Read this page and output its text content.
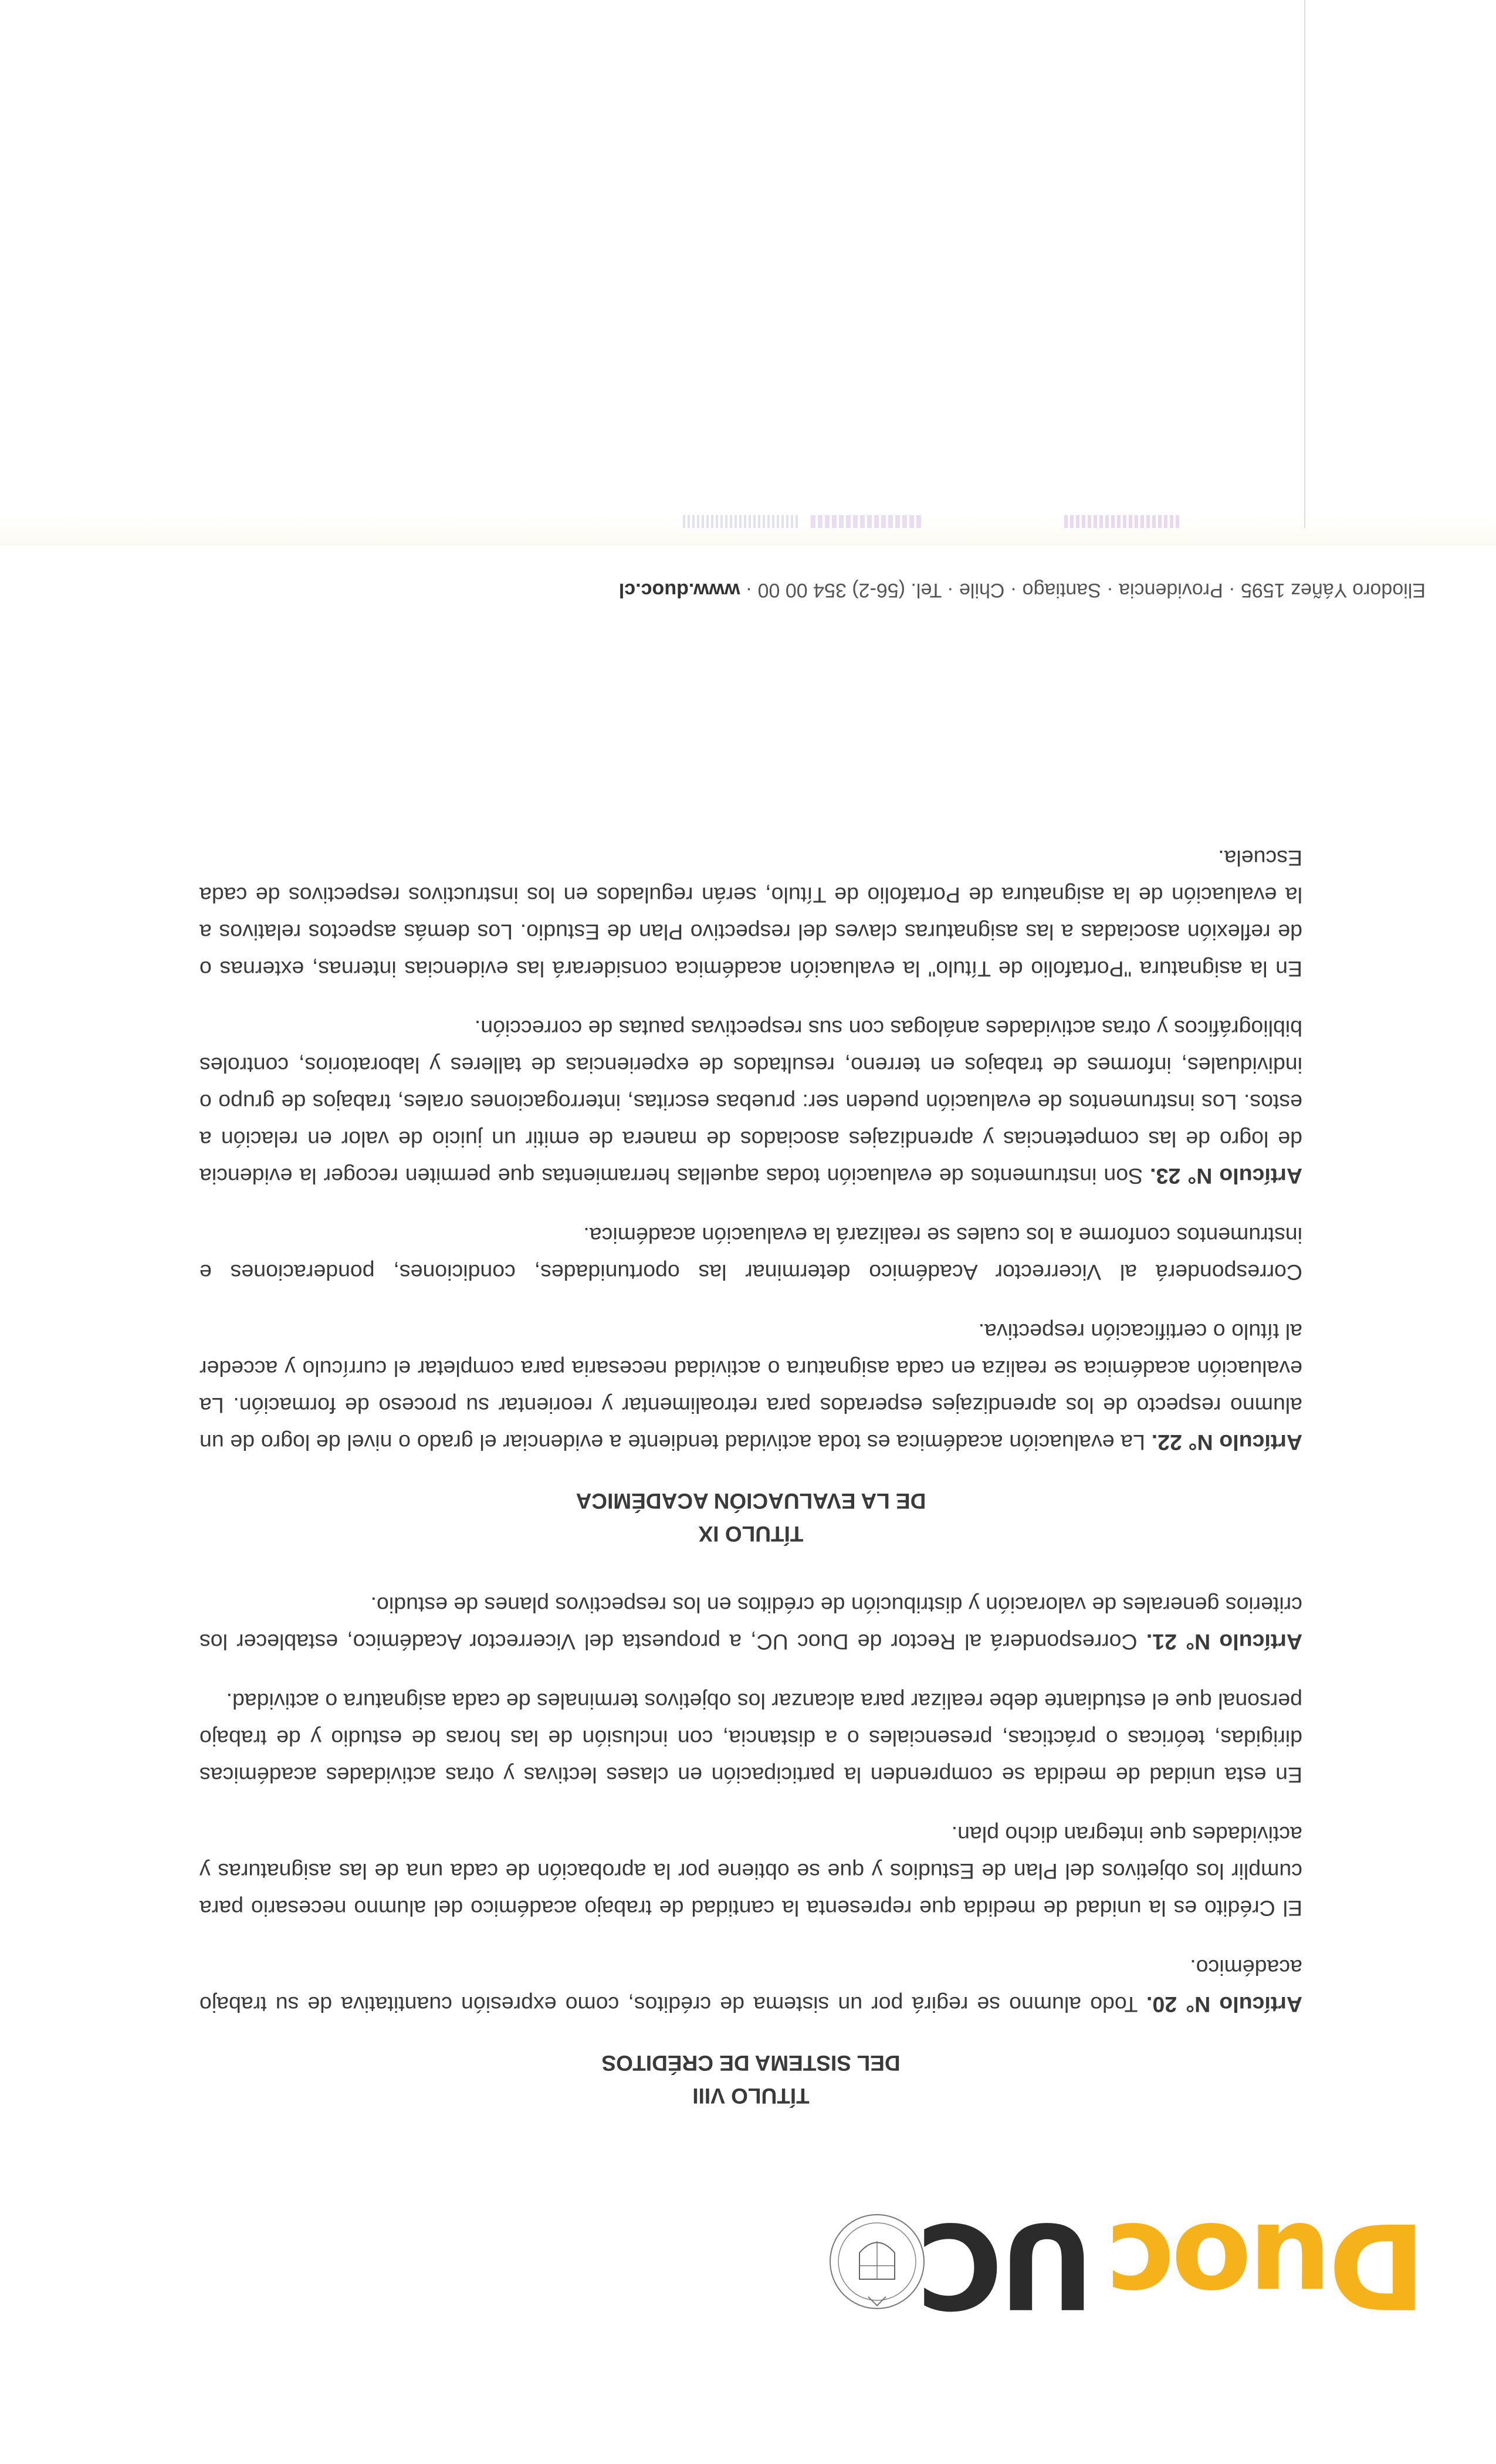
DuocUC
TÍTULO VIII
DEL SISTEMA DE CRÉDITOS

Artículo N° 20. Todo alumno se regirá por un sistema de créditos, como expresión cuantitativa de su trabajo académico.

El Crédito es la unidad de medida que representa la cantidad de trabajo académico del alumno necesario para cumplir los objetivos del Plan de Estudios y que se obtiene por la aprobación de cada una de las asignaturas y actividades que integran dicho plan.

En esta unidad de medida se comprenden la participación en clases lectivas y otras actividades académicas dirigidas, teóricas o prácticas, presenciales o a distancia, con inclusión de las horas de estudio y de trabajo personal que el estudiante debe realizar para alcanzar los objetivos terminales de cada asignatura o actividad.

Artículo N° 21. Corresponderá al Rector de Duoc UC, a propuesta del Vicerrector Académico, establecer los criterios generales de valoración y distribución de créditos en los respectivos planes de estudio.

TÍTULO IX
DE LA EVALUACIÓN ACADÉMICA

Artículo N° 22. La evaluación académica es toda actividad tendiente a evidenciar el grado o nivel de logro de un alumno respecto de los aprendizajes esperados para retroalimentar y reorientar su proceso de formación. La evaluación académica se realiza en cada asignatura o actividad necesaria para completar el currículo y acceder al título o certificación respectiva.

Corresponderá al Vicerrector Académico determinar las oportunidades, condiciones, ponderaciones e instrumentos conforme a los cuales se realizará la evaluación académica.

Artículo N° 23. Son instrumentos de evaluación todas aquellas herramientas que permiten recoger la evidencia de logro de las competencias y aprendizajes asociados de manera de emitir un juicio de valor en relación a estos. Los instrumentos de evaluación pueden ser: pruebas escritas, interrogaciones orales, trabajos de grupo o individuales, informes de trabajos en terreno, resultados de experiencias de talleres y laboratorios, controles bibliográficos y otras actividades análogas con sus respectivas pautas de corrección.

En la asignatura "Portafolio de Título" la evaluación académica considerará las evidencias internas, externas o de reflexión asociadas a las asignaturas claves del respectivo Plan de Estudio. Los demás aspectos relativos a la evaluación de la asignatura de Portafolio de Título, serán regulados en los instructivos respectivos de cada Escuela.

Eliodoro Yáñez 1595 · Providencia · Santiago · Chile · Tel. (56-2) 354 00 00 · www.duoc.cl
